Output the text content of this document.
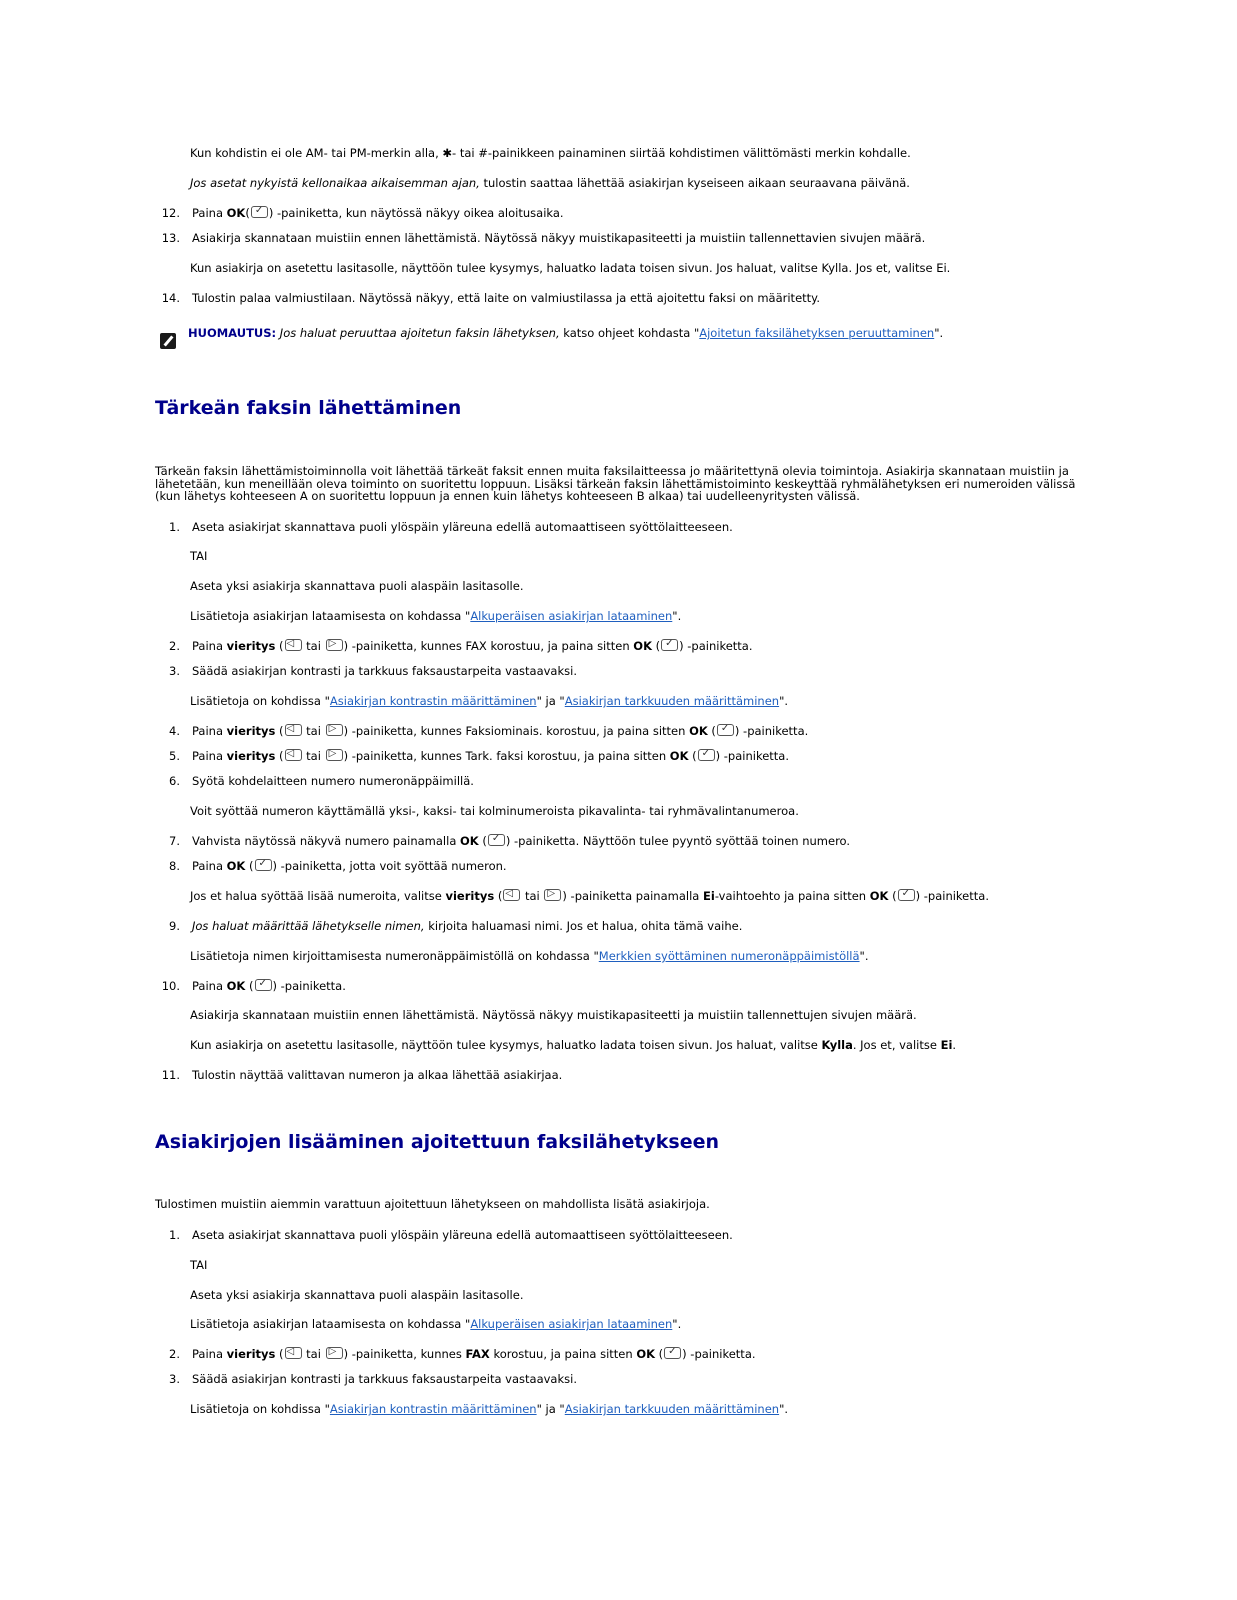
Kun kohdistin ei ole AM- tai PM-merkin alla, ✱- tai #-painikkeen painaminen siirtää kohdistimen välittömästi merkin kohdalle.
Jos asetat nykyistä kellonaikaa aikaisemman ajan, tulostin saattaa lähettää asiakirjan kyseiseen aikaan seuraavana päivänä.
12. Paina OK( ✓ ) -painiketta, kun näytössä näkyy oikea aloitusaika.
13. Asiakirja skannataan muistiin ennen lähettämistä. Näytössä näkyy muistikapasiteetti ja muistiin tallennettavien sivujen määrä.
Kun asiakirja on asetettu lasitasolle, näyttöön tulee kysymys, haluatko ladata toisen sivun. Jos haluat, valitse Kylla. Jos et, valitse Ei.
14. Tulostin palaa valmiustilaan. Näytössä näkyy, että laite on valmiustilassa ja että ajoitettu faksi on määritetty.
HUOMAUTUS: Jos haluat peruuttaa ajoitetun faksin lähetyksen, katso ohjeet kohdasta "Ajoitetun faksilähetyksen peruuttaminen".
Tärkeän faksin lähettäminen
Tärkeän faksin lähettämistoiminnolla voit lähettää tärkeät faksit ennen muita faksilaitteessa jo määritettynä olevia toimintoja. Asiakirja skannataan muistiin ja lähetetään, kun meneillään oleva toiminto on suoritettu loppuun. Lisäksi tärkeän faksin lähettämistoiminto keskeyttää ryhmälähetyksen eri numeroiden välissä (kun lähetys kohteeseen A on suoritettu loppuun ja ennen kuin lähetys kohteeseen B alkaa) tai uudelleenyritysten välissä.
1. Aseta asiakirjat skannattava puoli ylöspäin yläreuna edellä automaattiseen syöttölaitteeseen.
TAI
Aseta yksi asiakirja skannattava puoli alaspäin lasitasolle.
Lisätietoja asiakirjan lataamisesta on kohdassa "Alkuperäisen asiakirjan lataaminen".
2. Paina vieritys (◁ tai ▷) -painiketta, kunnes FAX korostuu, ja paina sitten OK ( ✓ ) -painiketta.
3. Säädä asiakirjan kontrasti ja tarkkuus faksaustarpeita vastaavaksi.
Lisätietoja on kohdissa "Asiakirjan kontrastin määrittäminen" ja "Asiakirjan tarkkuuden määrittäminen".
4. Paina vieritys (◁ tai ▷) -painiketta, kunnes Faksiominais. korostuu, ja paina sitten OK ( ✓ ) -painiketta.
5. Paina vieritys (◁ tai ▷) -painiketta, kunnes Tark. faksi korostuu, ja paina sitten OK ( ✓ ) -painiketta.
6. Syötä kohdelaitteen numero numeronäppäimillä.
Voit syöttää numeron käyttämällä yksi-, kaksi- tai kolminumeroista pikavalinta- tai ryhmävalintanumeroa.
7. Vahvista näytössä näkyvä numero painamalla OK ( ✓ ) -painiketta. Näyttöön tulee pyyntö syöttää toinen numero.
8. Paina OK ( ✓ ) -painiketta, jotta voit syöttää numeron.
Jos et halua syöttää lisää numeroita, valitse vieritys (◁ tai ▷) -painiketta painamalla Ei-vaihtoehto ja paina sitten OK ( ✓ ) -painiketta.
9. Jos haluat määrittää lähetykselle nimen, kirjoita haluamasi nimi. Jos et halua, ohita tämä vaihe.
Lisätietoja nimen kirjoittamisesta numeronäppäimistöllä on kohdassa "Merkkien syöttäminen numeronäppäimistöllä".
10. Paina OK ( ✓ ) -painiketta.
Asiakirja skannataan muistiin ennen lähettämistä. Näytössä näkyy muistikapasiteetti ja muistiin tallennettujen sivujen määrä.
Kun asiakirja on asetettu lasitasolle, näyttöön tulee kysymys, haluatko ladata toisen sivun. Jos haluat, valitse Kylla. Jos et, valitse Ei.
11. Tulostin näyttää valittavan numeron ja alkaa lähettää asiakirjaa.
Asiakirjojen lisääminen ajoitettuun faksilähetykseen
Tulostimen muistiin aiemmin varattuun ajoitettuun lähetykseen on mahdollista lisätä asiakirjoja.
1. Aseta asiakirjat skannattava puoli ylöspäin yläreuna edellä automaattiseen syöttölaitteeseen.
TAI
Aseta yksi asiakirja skannattava puoli alaspäin lasitasolle.
Lisätietoja asiakirjan lataamisesta on kohdassa "Alkuperäisen asiakirjan lataaminen".
2. Paina vieritys (◁ tai ▷) -painiketta, kunnes FAX korostuu, ja paina sitten OK ( ✓ ) -painiketta.
3. Säädä asiakirjan kontrasti ja tarkkuus faksaustarpeita vastaavaksi.
Lisätietoja on kohdissa "Asiakirjan kontrastin määrittäminen" ja "Asiakirjan tarkkuuden määrittäminen".
